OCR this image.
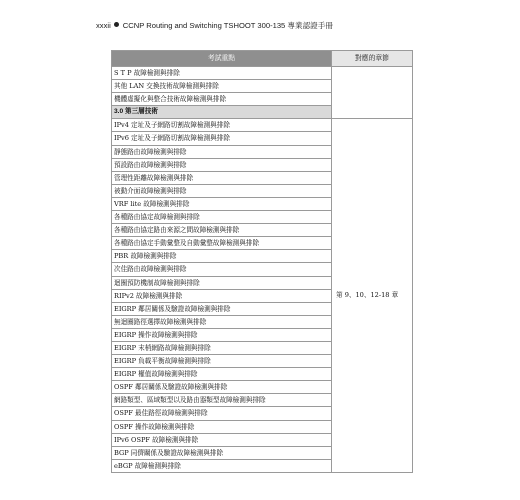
xxxii CCNP Routing and Switching TSHOOT 300-135 專業認證手冊
考試重點	對應的章節
S T P 故障檢測與排除	
其他 LAN 交換技術故障檢測與排除	
機體虛擬化與整合技術故障檢測與排除	
3.0 第三層技術	
IPv4 定址及子網路切割故障檢測與排除	第 9、10、12-18 章
IPv6 定址及子網路切割故障檢測與排除	
靜態路由故障檢測與排除	
預設路由故障檢測與排除	
管理性距離故障檢測與排除	
被動介面故障檢測與排除	
VRF lite 故障檢測與排除	
各種路由協定故障檢測與排除	
各種路由協定路由來源之間故障檢測與排除	
各種路由協定手動彙整及自動彙整故障檢測與排除	
PBR 故障檢測與排除	
次佳路由故障檢測與排除	
迴圈預防機制故障檢測與排除	
RIPv2 故障檢測與排除	
EIGRP 鄰居關係及驗證故障檢測與排除	
無迴圈路徑選擇故障檢測與排除	
EIGRP 操作故障檢測與排除	
EIGRP 末梢網路故障檢測與排除	
EIGRP 負載平衡故障檢測與排除	
EIGRP 權值故障檢測與排除	
OSPF 鄰居關係及驗證故障檢測與排除	
網路類型、區域類型以及路由器類型故障檢測與排除	
OSPF 最佳路徑故障檢測與排除	
OSPF 操作故障檢測與排除	
IPv6 OSPF 故障檢測與排除	
BGP 同儕關係及驗證故障檢測與排除	
eBGP 故障檢測與排除	
